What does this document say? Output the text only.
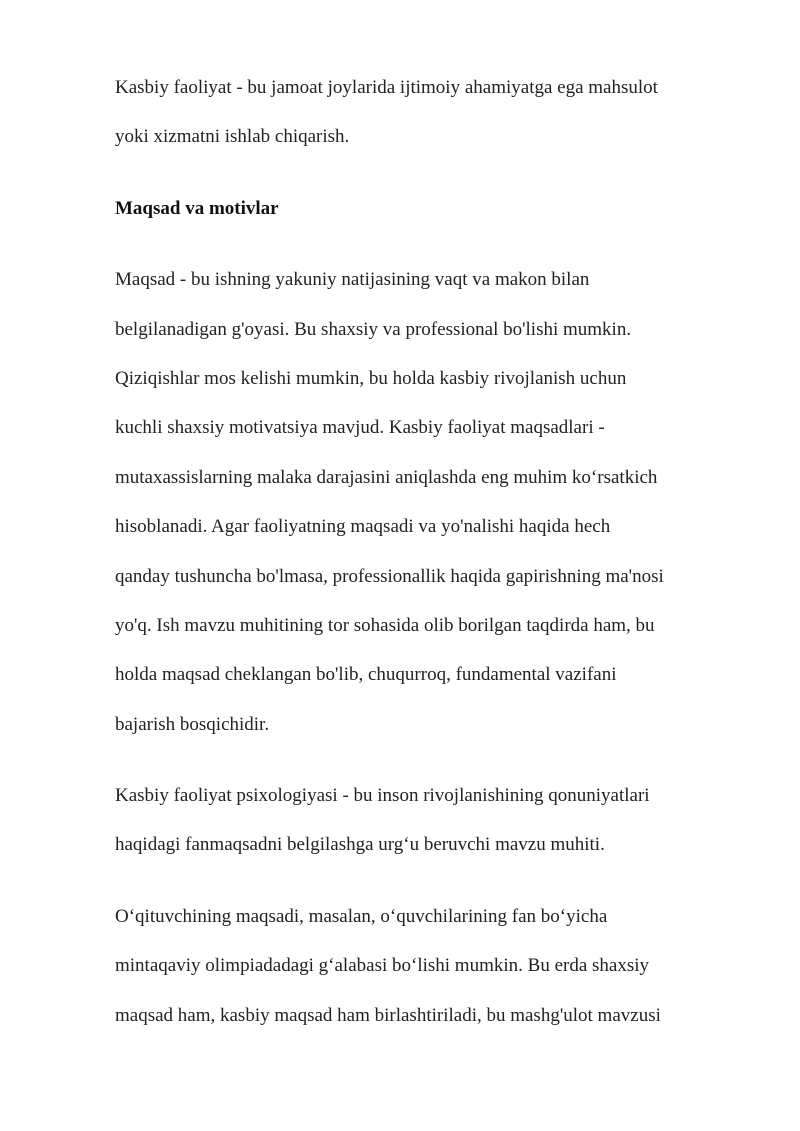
Kasbiy faoliyat - bu jamoat joylarida ijtimoiy ahamiyatga ega mahsulot
yoki xizmatni ishlab chiqarish.
Maqsad va motivlar
Maqsad - bu ishning yakuniy natijasining vaqt va makon bilan
belgilanadigan g'oyasi. Bu shaxsiy va professional bo'lishi mumkin.
Qiziqishlar mos kelishi mumkin, bu holda kasbiy rivojlanish uchun
kuchli shaxsiy motivatsiya mavjud. Kasbiy faoliyat maqsadlari -
mutaxassislarning malaka darajasini aniqlashda eng muhim ko‘rsatkich
hisoblanadi. Agar faoliyatning maqsadi va yo'nalishi haqida hech
qanday tushuncha bo'lmasa, professionallik haqida gapirishning ma'nosi
yo'q. Ish mavzu muhitining tor sohasida olib borilgan taqdirda ham, bu
holda maqsad cheklangan bo'lib, chuqurroq, fundamental vazifani
bajarish bosqichidir.
Kasbiy faoliyat psixologiyasi - bu inson rivojlanishining qonuniyatlari
haqidagi fanmaqsadni belgilashga urg‘u beruvchi mavzu muhiti.
O‘qituvchining maqsadi, masalan, o‘quvchilarining fan bo‘yicha
mintaqaviy olimpiadadagi g‘alabasi bo‘lishi mumkin. Bu erda shaxsiy
maqsad ham, kasbiy maqsad ham birlashtiriladi, bu mashg'ulot mavzusi
